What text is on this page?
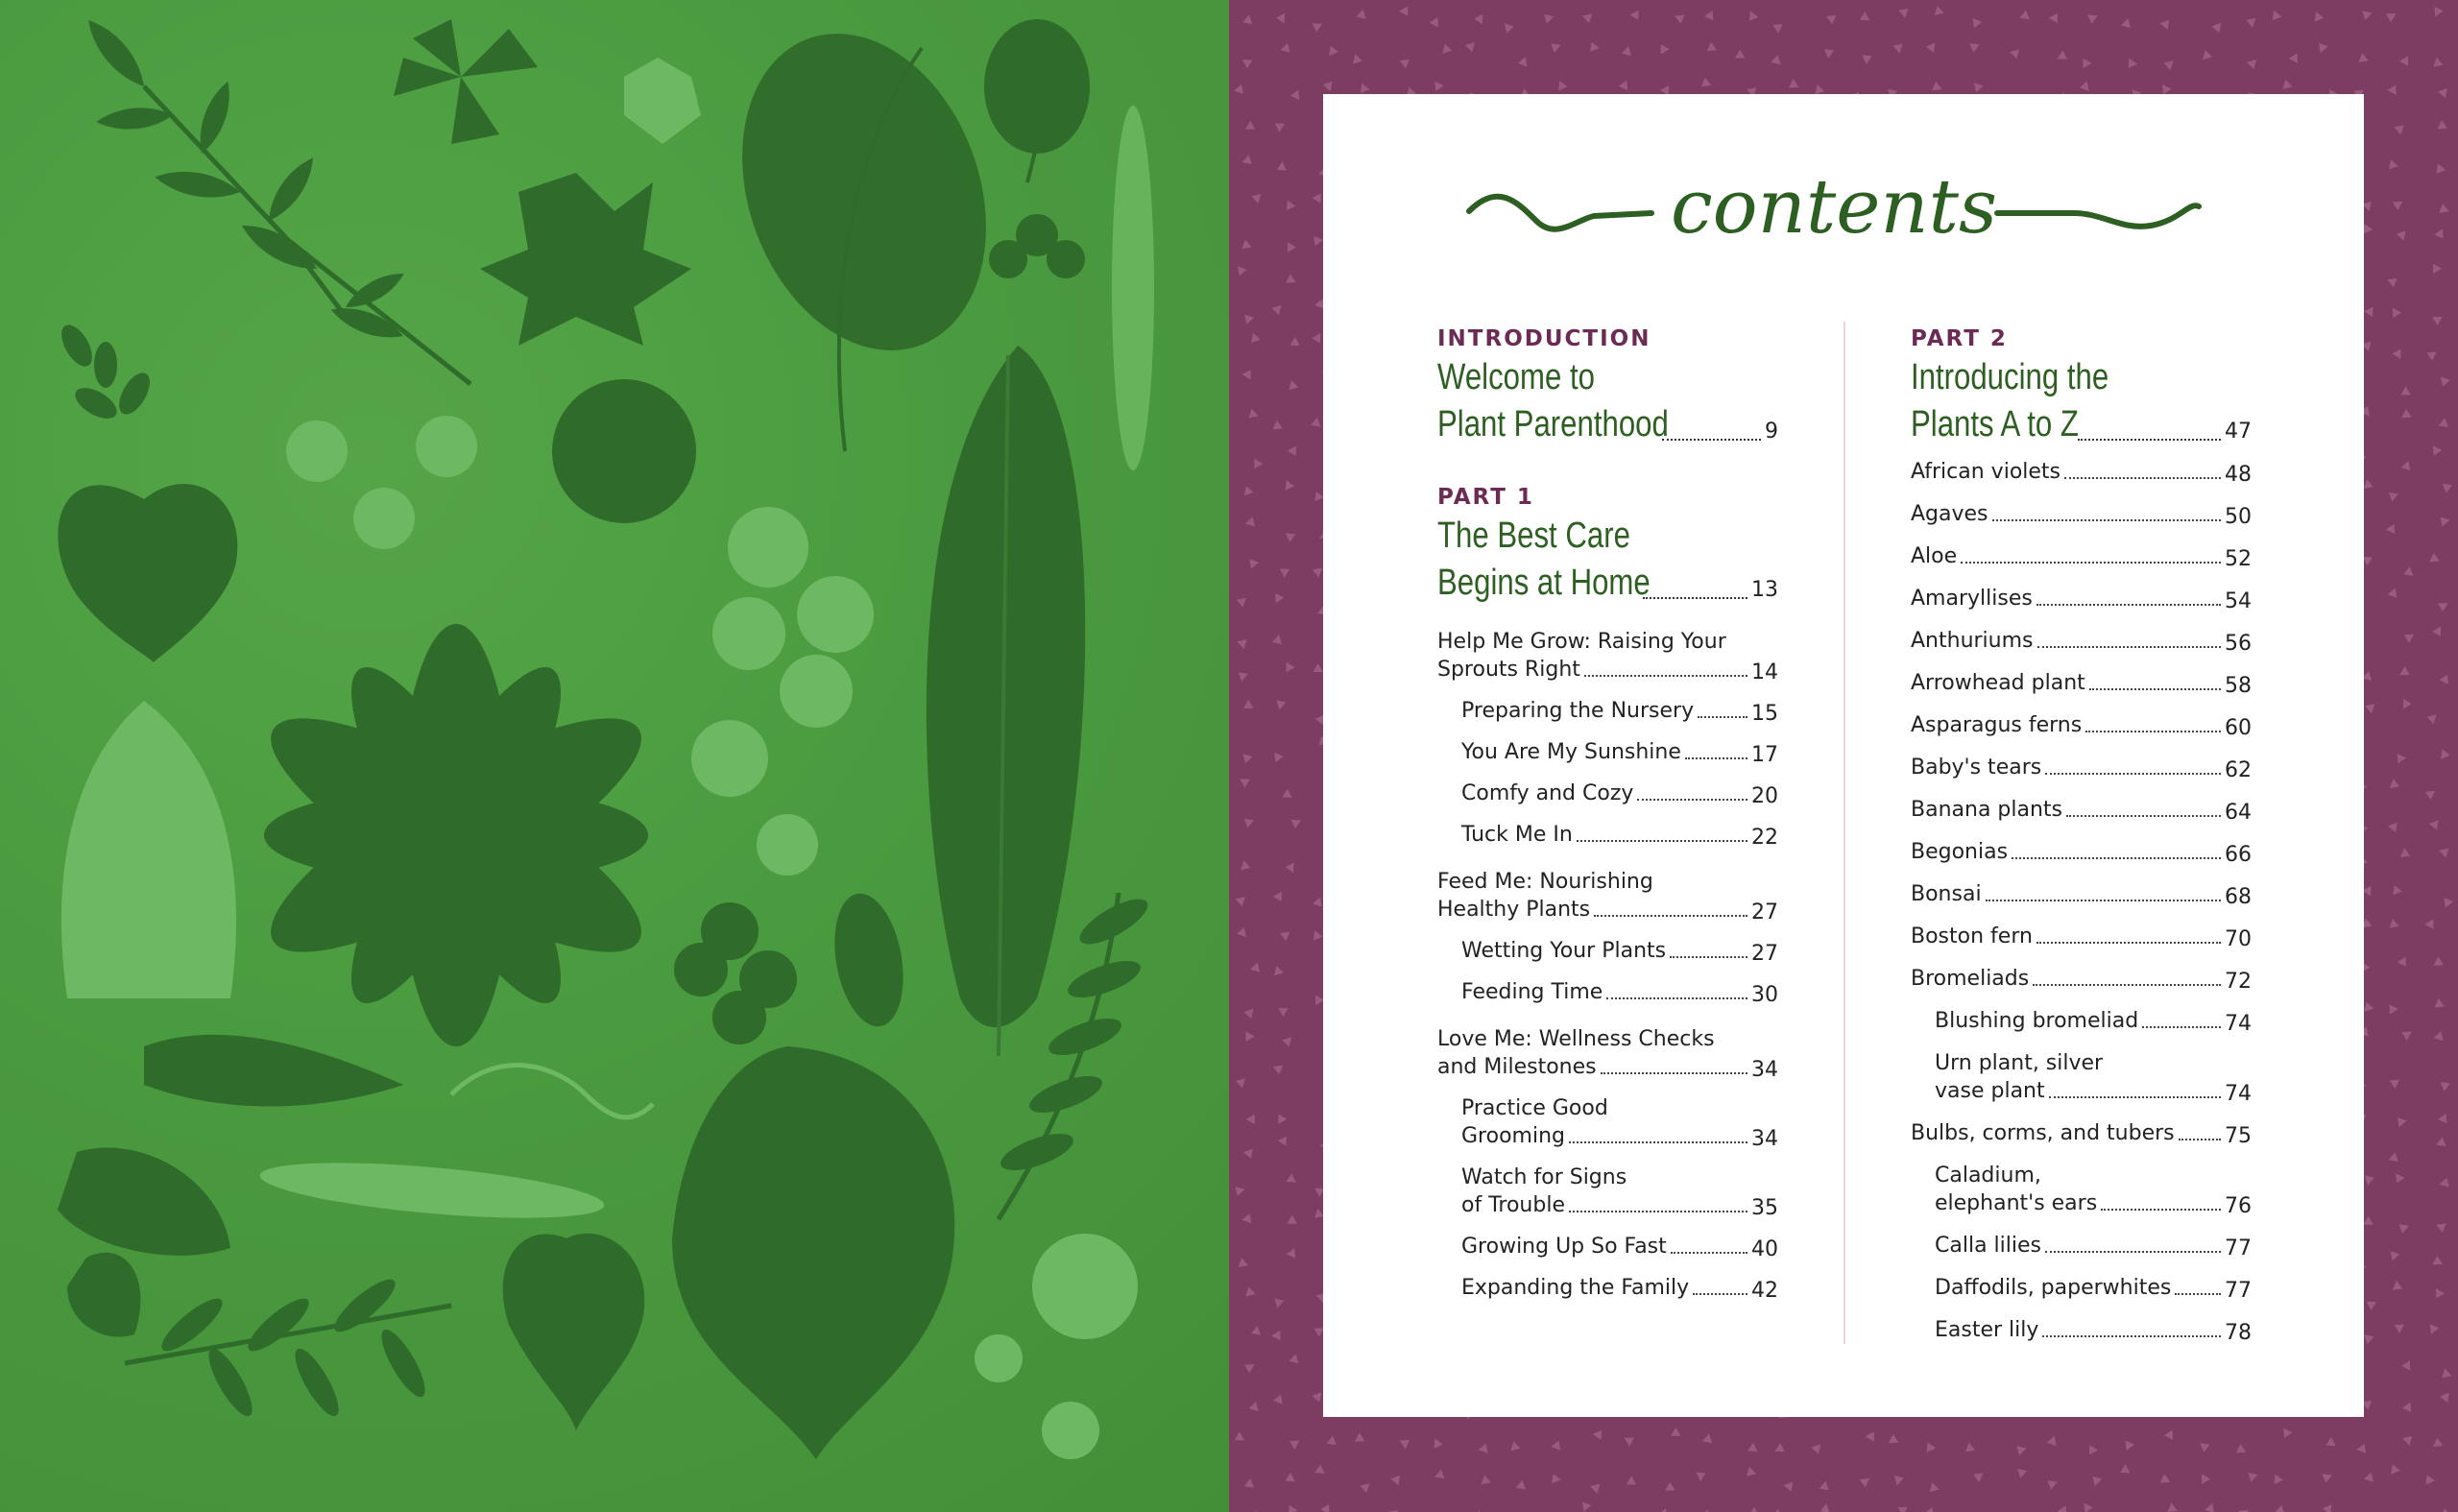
contents
INTRODUCTION
Welcome to
Plant Parenthood	9
PART 1
The Best Care
Begins at Home	13
Help Me Grow: Raising Your
Sprouts Right	14
Preparing the Nursery	15
You Are My Sunshine	17
Comfy and Cozy	20
Tuck Me In	22
Feed Me: Nourishing
Healthy Plants	27
Wetting Your Plants	27
Feeding Time	30
Love Me: Wellness Checks
and Milestones	34
Practice Good
Grooming	34
Watch for Signs
of Trouble	35
Growing Up So Fast	40
Expanding the Family	42
PART 2
Introducing the
Plants A to Z	47
African violets	48
Agaves	50
Aloe	52
Amaryllises	54
Anthuriums	56
Arrowhead plant	58
Asparagus ferns	60
Baby's tears	62
Banana plants	64
Begonias	66
Bonsai	68
Boston fern	70
Bromeliads	72
Blushing bromeliad	74
Urn plant, silver
vase plant	74
Bulbs, corms, and tubers 75
Caladium,
elephant's ears	76
Calla lilies	77
Daffodils, paperwhites	77
Easter lily	78
